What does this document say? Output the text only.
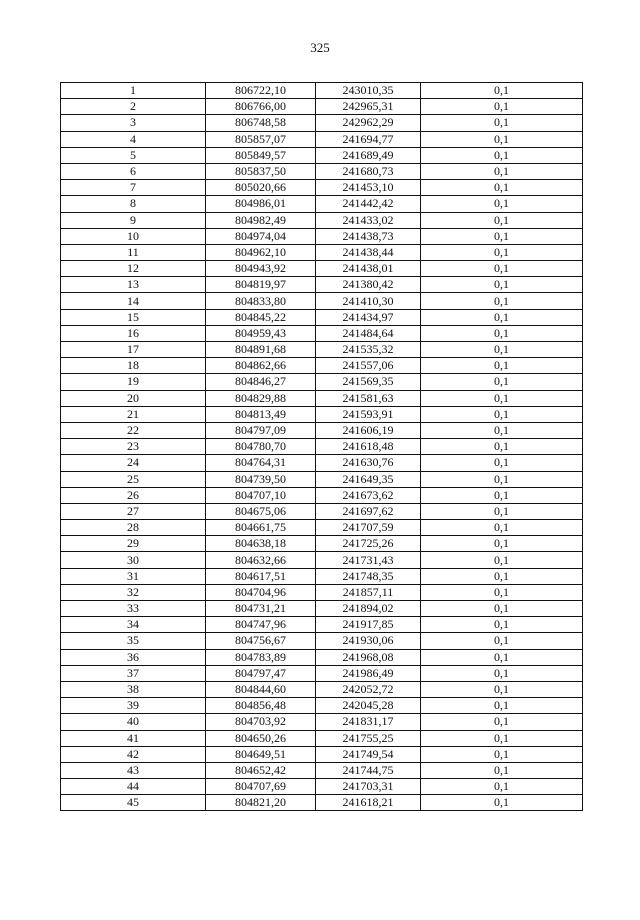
325
1	806722,10	243010,35	0,1
2	806766,00	242965,31	0,1
3	806748,58	242962,29	0,1
4	805857,07	241694,77	0,1
5	805849,57	241689,49	0,1
6	805837,50	241680,73	0,1
7	805020,66	241453,10	0,1
8	804986,01	241442,42	0,1
9	804982,49	241433,02	0,1
10	804974,04	241438,73	0,1
11	804962,10	241438,44	0,1
12	804943,92	241438,01	0,1
13	804819,97	241380,42	0,1
14	804833,80	241410,30	0,1
15	804845,22	241434,97	0,1
16	804959,43	241484,64	0,1
17	804891,68	241535,32	0,1
18	804862,66	241557,06	0,1
19	804846,27	241569,35	0,1
20	804829,88	241581,63	0,1
21	804813,49	241593,91	0,1
22	804797,09	241606,19	0,1
23	804780,70	241618,48	0,1
24	804764,31	241630,76	0,1
25	804739,50	241649,35	0,1
26	804707,10	241673,62	0,1
27	804675,06	241697,62	0,1
28	804661,75	241707,59	0,1
29	804638,18	241725,26	0,1
30	804632,66	241731,43	0,1
31	804617,51	241748,35	0,1
32	804704,96	241857,11	0,1
33	804731,21	241894,02	0,1
34	804747,96	241917,85	0,1
35	804756,67	241930,06	0,1
36	804783,89	241968,08	0,1
37	804797,47	241986,49	0,1
38	804844,60	242052,72	0,1
39	804856,48	242045,28	0,1
40	804703,92	241831,17	0,1
41	804650,26	241755,25	0,1
42	804649,51	241749,54	0,1
43	804652,42	241744,75	0,1
44	804707,69	241703,31	0,1
45	804821,20	241618,21	0,1
